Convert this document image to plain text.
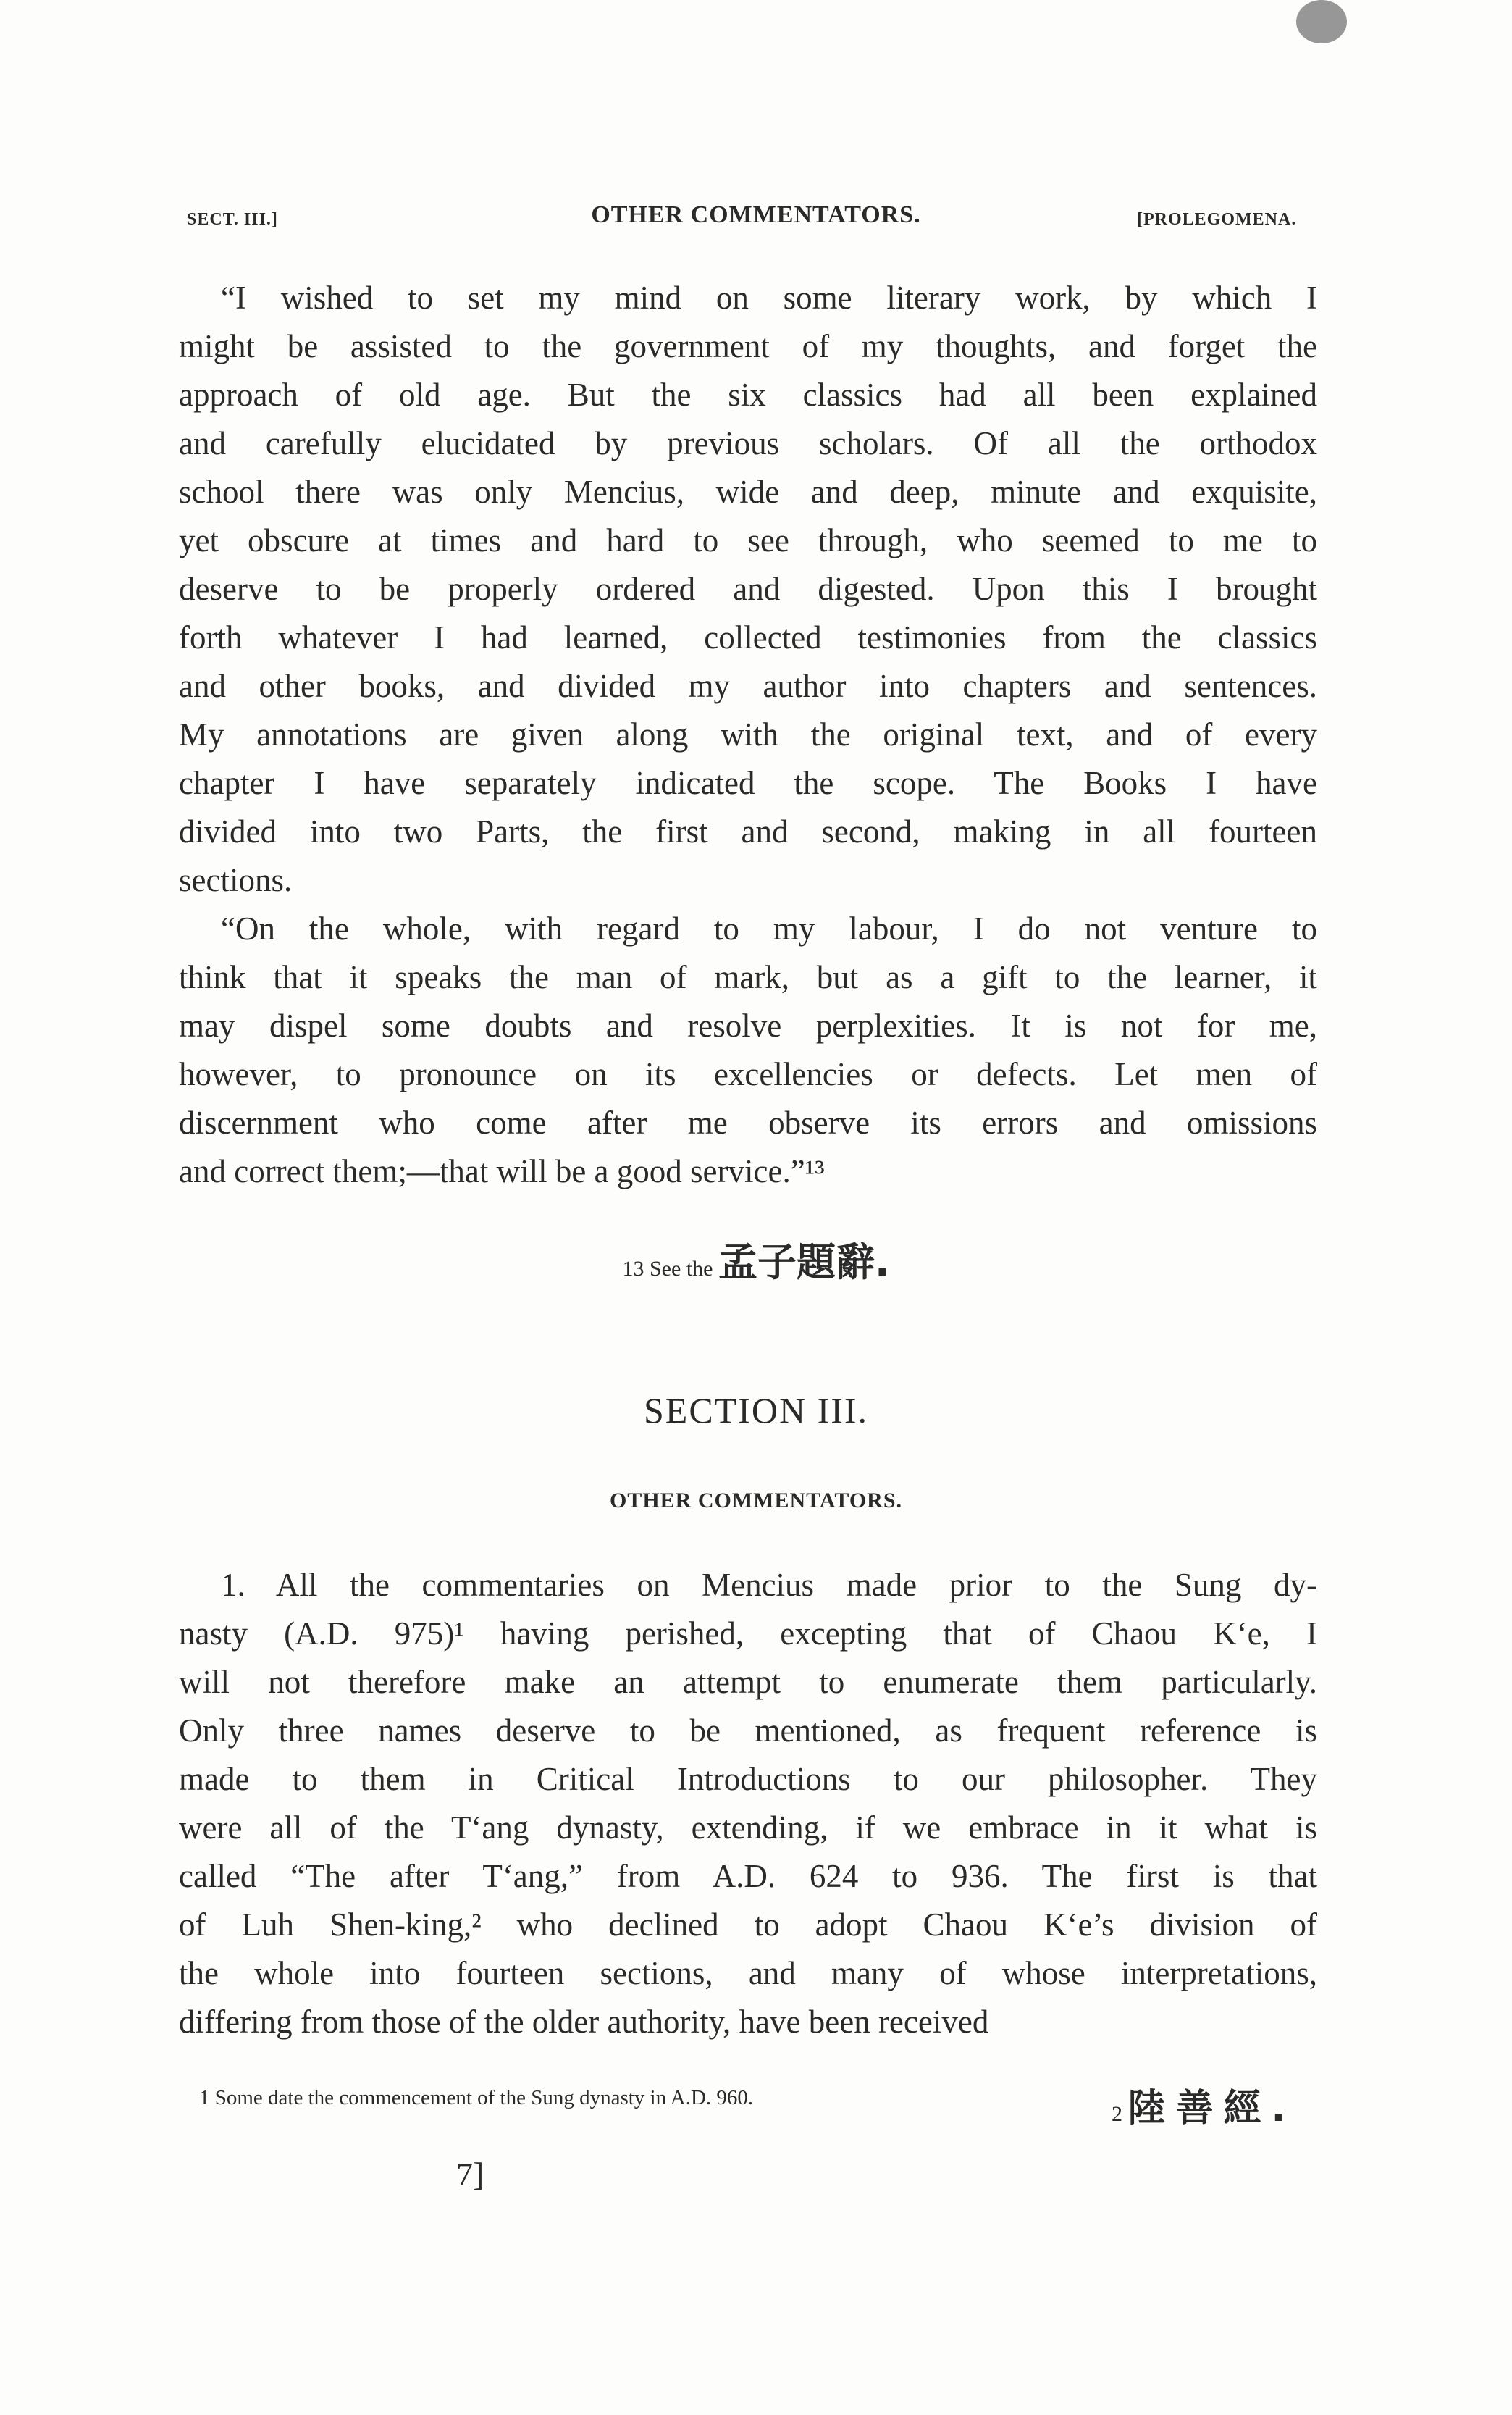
SECT. III.]	OTHER COMMENTATORS.	[PROLEGOMENA.
“I wished to set my mind on some literary work, by which I
might be assisted to the government of my thoughts, and forget the
approach of old age. But the six classics had all been explained
and carefully elucidated by previous scholars. Of all the orthodox
school there was only Mencius, wide and deep, minute and exquisite,
yet obscure at times and hard to see through, who seemed to me to
deserve to be properly ordered and digested. Upon this I brought
forth whatever I had learned, collected testimonies from the classics
and other books, and divided my author into chapters and sentences.
My annotations are given along with the original text, and of every
chapter I have separately indicated the scope. The Books I have
divided into two Parts, the first and second, making in all fourteen
sections.
“On the whole, with regard to my labour, I do not venture to
think that it speaks the man of mark, but as a gift to the learner, it
may dispel some doubts and resolve perplexities. It is not for me,
however, to pronounce on its excellencies or defects. Let men of
discernment who come after me observe its errors and omissions
and correct them;—that will be a good service.”¹³
13 See the 孟子題辭.
SECTION III.
OTHER COMMENTATORS.
1. All the commentaries on Mencius made prior to the Sung dy-
nasty (A.D. 975)¹ having perished, excepting that of Chaou K‘e, I
will not therefore make an attempt to enumerate them particularly.
Only three names deserve to be mentioned, as frequent reference is
made to them in Critical Introductions to our philosopher. They
were all of the T‘ang dynasty, extending, if we embrace in it what is
called “The after T‘ang,” from A.D. 624 to 936. The first is that
of Luh Shen-king,² who declined to adopt Chaou K‘e’s division of
the whole into fourteen sections, and many of whose interpretations,
differing from those of the older authority, have been received
1 Some date the commencement of the Sung dynasty in A.D. 960.
2 陸善經.
7]
